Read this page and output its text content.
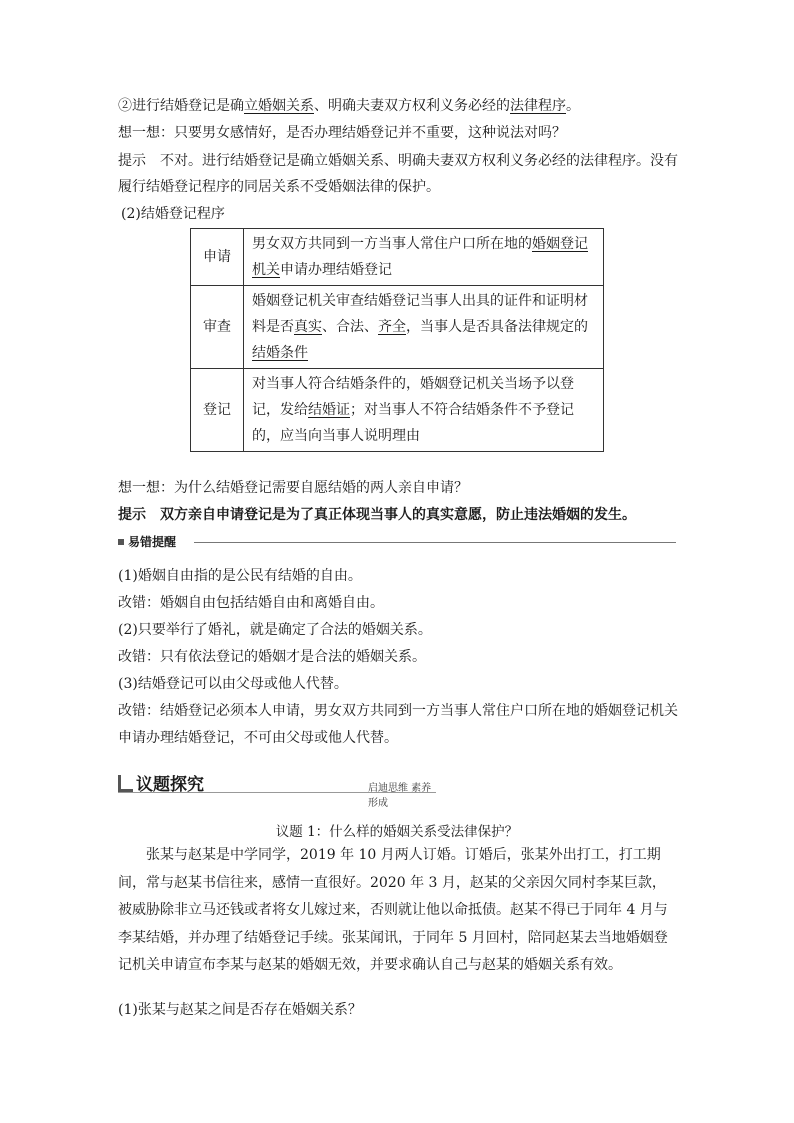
②进行结婚登记是确立婚姻关系、明确夫妻双方权利义务必经的法律程序。
想一想：只要男女感情好，是否办理结婚登记并不重要，这种说法对吗？
提示 不对。进行结婚登记是确立婚姻关系、明确夫妻双方权利义务必经的法律程序。没有
履行结婚登记程序的同居关系不受婚姻法律的保护。
(2)结婚登记程序
申请	男女双方共同到一方当事人常住户口所在地的婚姻登记机关申请办理结婚登记
审查	婚姻登记机关审查结婚登记当事人出具的证件和证明材料是否真实、合法、齐全，当事人是否具备法律规定的结婚条件
登记	对当事人符合结婚条件的，婚姻登记机关当场予以登记，发给结婚证；对当事人不符合结婚条件不予登记的，应当向当事人说明理由
想一想：为什么结婚登记需要自愿结婚的两人亲自申请？
提示 双方亲自申请登记是为了真正体现当事人的真实意愿，防止违法婚姻的发生。
易错提醒
(1)婚姻自由指的是公民有结婚的自由。
改错：婚姻自由包括结婚自由和离婚自由。
(2)只要举行了婚礼，就是确定了合法的婚姻关系。
改错：只有依法登记的婚姻才是合法的婚姻关系。
(3)结婚登记可以由父母或他人代替。
改错：结婚登记必须本人申请，男女双方共同到一方当事人常住户口所在地的婚姻登记机关
申请办理结婚登记，不可由父母或他人代替。
议题探究	启迪思维 素养形成
议题 1：什么样的婚姻关系受法律保护？
张某与赵某是中学同学，2019 年 10 月两人订婚。订婚后，张某外出打工，打工期间，常与赵某书信往来，感情一直很好。2020 年 3 月，赵某的父亲因欠同村李某巨款，被威胁除非立马还钱或者将女儿嫁过来，否则就让他以命抵债。赵某不得已于同年 4 月与李某结婚，并办理了结婚登记手续。张某闻讯，于同年 5 月回村，陪同赵某去当地婚姻登记机关申请宣布李某与赵某的婚姻无效，并要求确认自己与赵某的婚姻关系有效。
(1)张某与赵某之间是否存在婚姻关系？
